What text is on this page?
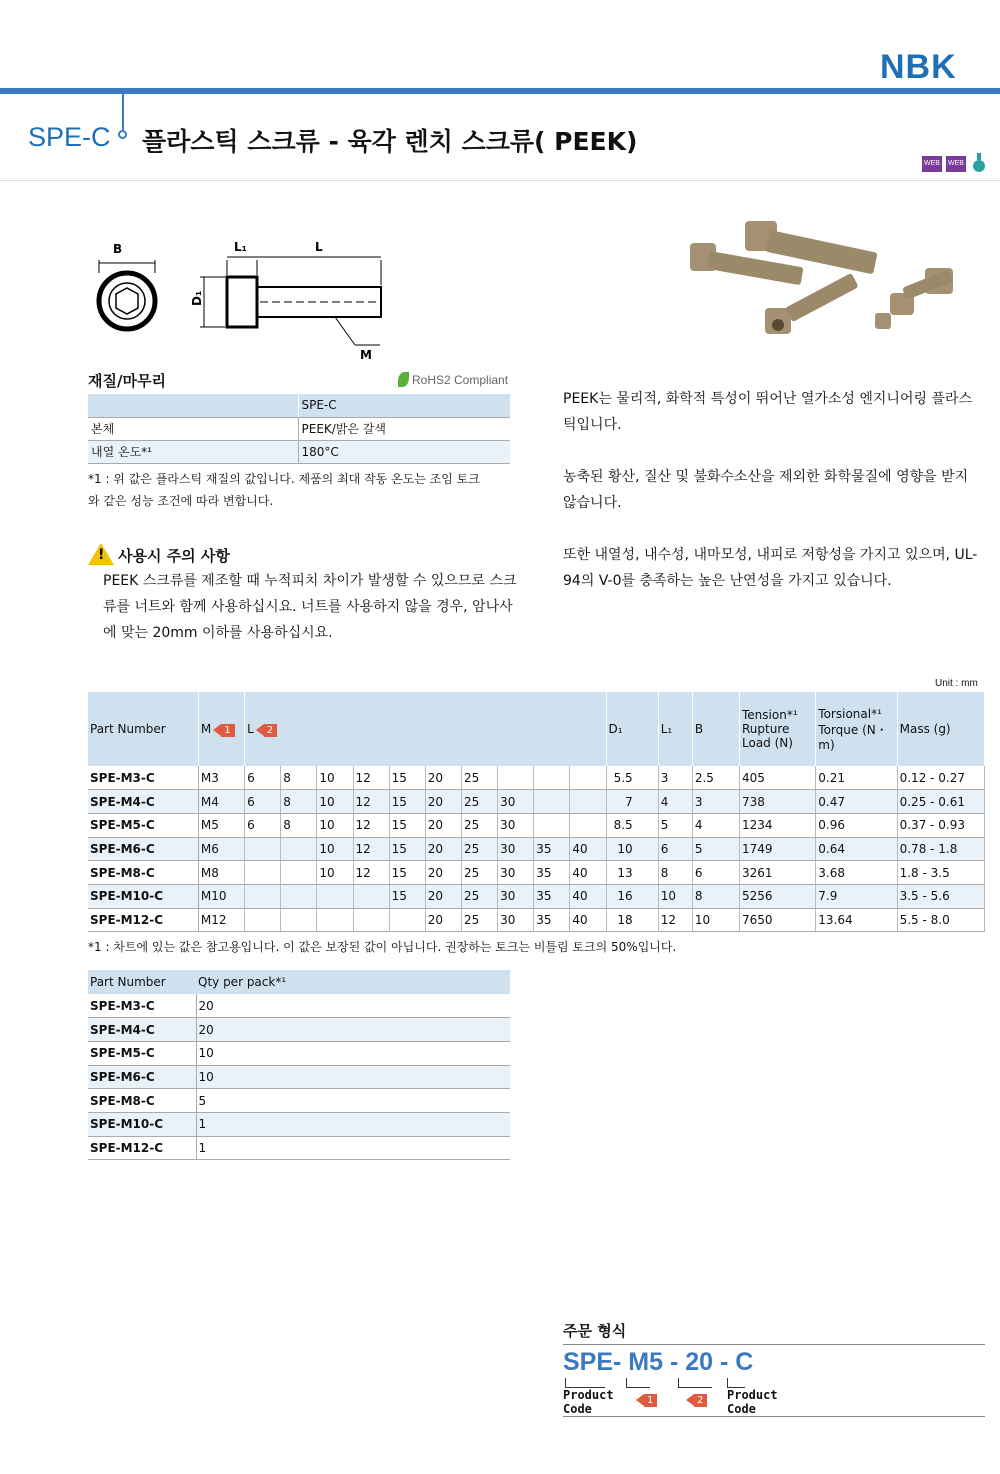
NBK
SPE-C 플라스틱 스크류 - 육각 렌치 스크류( PEEK)
WEB WEB
B	L₁	L
D₁
M
재질/마무리	RoHS2 Compliant
	SPE-C
본체	PEEK/밝은 갈색
내열 온도*¹	180°C
*1 : 위 값은 플라스틱 재질의 값입니다. 제품의 최대 작동 온도는 조임 토크와 같은 성능 조건에 따라 변합니다.
! 사용시 주의 사항
PEEK 스크류를 제조할 때 누적피치 차이가 발생할 수 있으므로 스크류를 너트와 함께 사용하십시요. 너트를 사용하지 않을 경우, 암나사에 맞는 20mm 이하를 사용하십시요.

PEEK는 물리적, 화학적 특성이 뛰어난 열가소성 엔지니어링 플라스틱입니다.

농축된 황산, 질산 및 불화수소산을 제외한 화학물질에 영향을 받지 않습니다.

또한 내열성, 내수성, 내마모성, 내피로 저항성을 가지고 있으며, UL-94의 V-0를 충족하는 높은 난연성을 가지고 있습니다.

Unit : mm
Part Number	M 1	L 2										D₁	L₁	B	Tension*¹ Rupture Load (N)	Torsional*¹ Torque (N・m)	Mass (g)
SPE-M3-C	M3	6	8	10	12	15	20	25				5.5	3	2.5	405	0.21	0.12 - 0.27
SPE-M4-C	M4	6	8	10	12	15	20	25	30			7	4	3	738	0.47	0.25 - 0.61
SPE-M5-C	M5	6	8	10	12	15	20	25	30			8.5	5	4	1234	0.96	0.37 - 0.93
SPE-M6-C	M6			10	12	15	20	25	30	35	40	10	6	5	1749	0.64	0.78 - 1.8
SPE-M8-C	M8			10	12	15	20	25	30	35	40	13	8	6	3261	3.68	1.8 - 3.5
SPE-M10-C	M10					15	20	25	30	35	40	16	10	8	5256	7.9	3.5 - 5.6
SPE-M12-C	M12						20	25	30	35	40	18	12	10	7650	13.64	5.5 - 8.0
*1 : 차트에 있는 값은 참고용입니다. 이 값은 보장된 값이 아닙니다. 권장하는 토크는 비틀림 토크의 50%입니다.
Part Number	Qty per pack*¹
SPE-M3-C	20
SPE-M4-C	20
SPE-M5-C	10
SPE-M6-C	10
SPE-M8-C	5
SPE-M10-C	1
SPE-M12-C	1
주문 형식
SPE- M5 - 20 - C
Product
Code
1	2	Product
Code
